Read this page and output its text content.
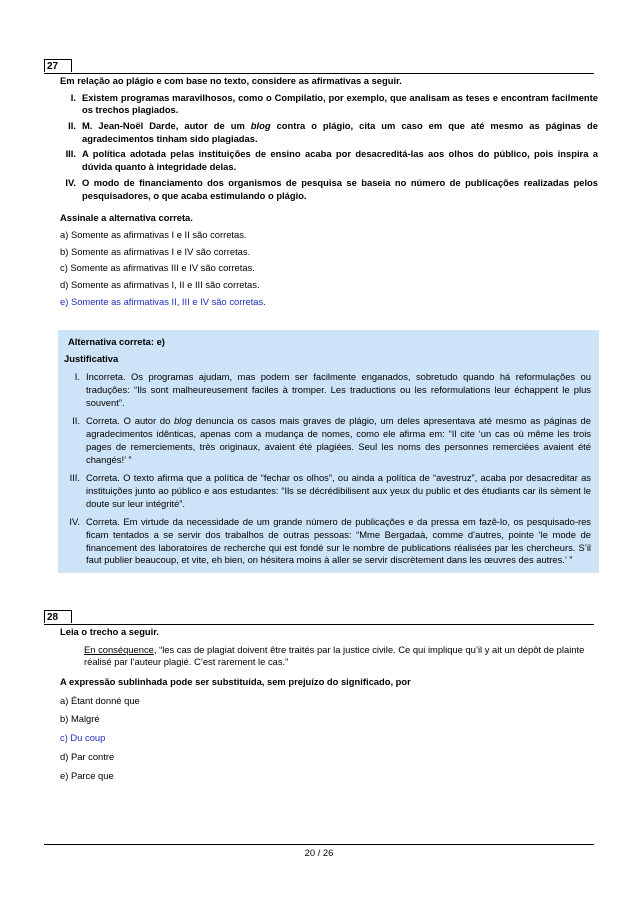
27
Em relação ao plágio e com base no texto, considere as afirmativas a seguir.
I. Existem programas maravilhosos, como o Compilatio, por exemplo, que analisam as teses e encontram facilmente os trechos plagiados.
II. M. Jean-Noël Darde, autor de um blog contra o plágio, cita um caso em que até mesmo as páginas de agradecimentos tinham sido plagiadas.
III. A política adotada pelas instituições de ensino acaba por desacreditá-las aos olhos do público, pois inspira a dúvida quanto à integridade delas.
IV. O modo de financiamento dos organismos de pesquisa se baseia no número de publicações realizadas pelos pesquisadores, o que acaba estimulando o plágio.
Assinale a alternativa correta.
a) Somente as afirmativas I e II são corretas.
b) Somente as afirmativas I e IV são corretas.
c) Somente as afirmativas III e IV são corretas.
d) Somente as afirmativas I, II e III são corretas.
e) Somente as afirmativas II, III e IV são corretas.
Alternativa correta: e)
Justificativa
I. Incorreta. Os programas ajudam, mas podem ser facilmente enganados, sobretudo quando há reformulações ou traduções: “Ils sont malheureusement faciles à tromper. Les traductions ou les reformulations leur échappent le plus souvent”.
II. Correta. O autor do blog denuncia os casos mais graves de plágio, um deles apresentava até mesmo as páginas de agradecimentos idênticas, apenas com a mudança de nomes, como ele afirma em: “Il cite ‘un cas où même les trois pages de remerciements, très originaux, avaient été plagiées. Seul les noms des personnes remerciées avaient été changés!’ ”
III. Correta. O texto afirma que a política de “fechar os olhos”, ou ainda a política de “avestruz”, acaba por desacreditar as instituições junto ao público e aos estudantes: “Ils se décrédibilisent aux yeux du public et des étudiants car ils sèment le doute sur leur intégrité”.
IV. Correta. Em virtude da necessidade de um grande número de publicações e da pressa em fazê-lo, os pesquisado-res ficam tentados a se servir dos trabalhos de outras pessoas: “Mme Bergadaà, comme d’autres, pointe ‘le mode de financement des laboratoires de recherche qui est fondé sur le nombre de publications réalisées par les chercheurs. S’il faut publier beaucoup, et vite, eh bien, on hésitera moins à aller se servir discrètement dans les œuvres des autres.’ ”
28
Leia o trecho a seguir.
En conséquence, “les cas de plagiat doivent être traités par la justice civile. Ce qui implique qu’il y ait un dépôt de plainte réalisé par l’auteur plagié. C’est rarement le cas.”
A expressão sublinhada pode ser substituída, sem prejuízo do significado, por
a) Étant donné que
b) Malgré
c) Du coup
d) Par contre
e) Parce que
20 / 26
